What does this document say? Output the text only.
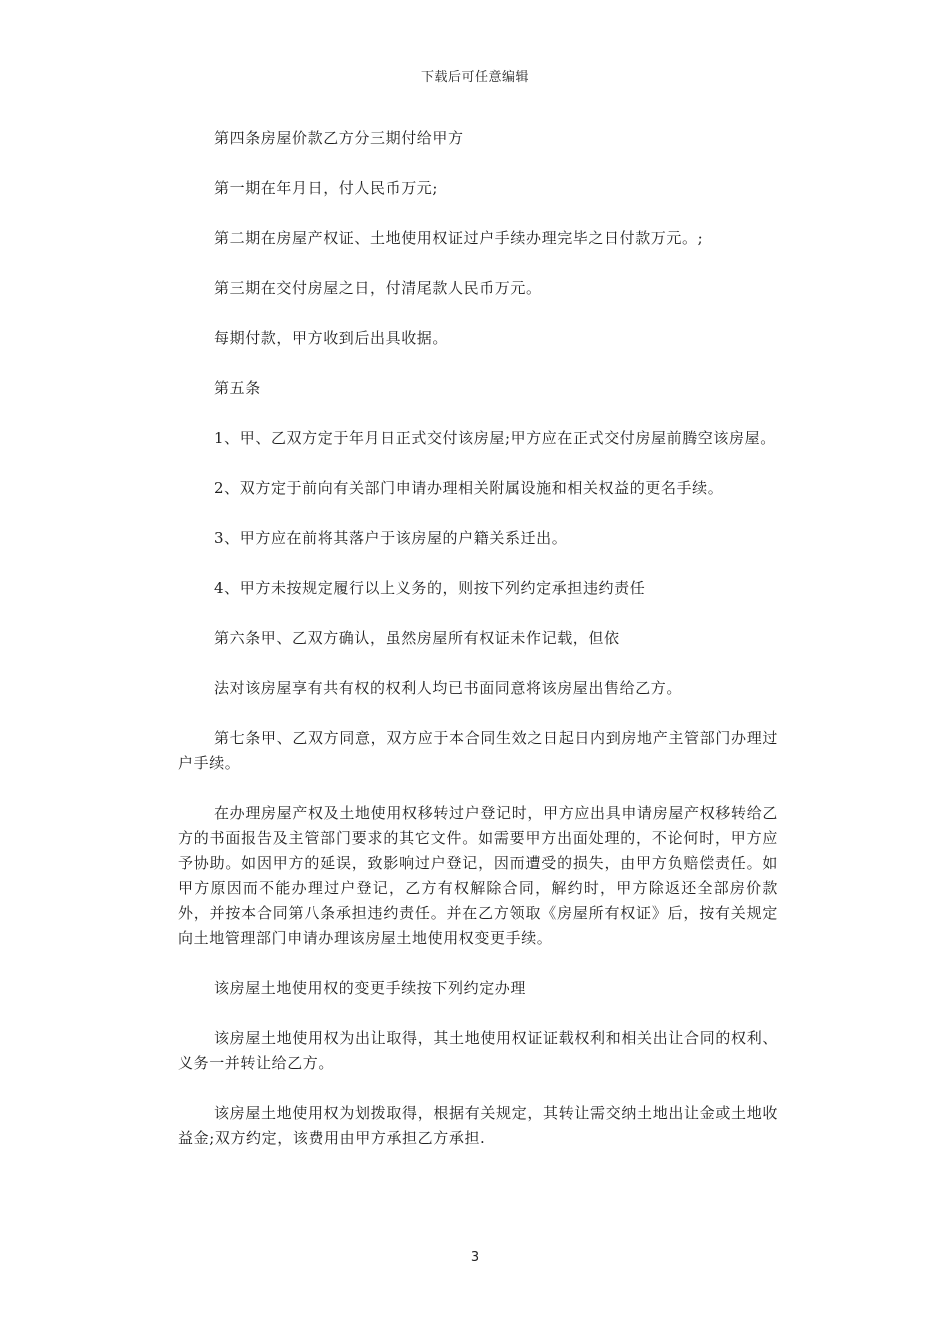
下载后可任意编辑

第四条房屋价款乙方分三期付给甲方

第一期在年月日，付人民币万元;

第二期在房屋产权证、土地使用权证过户手续办理完毕之日付款万元。;

第三期在交付房屋之日，付清尾款人民币万元。

每期付款，甲方收到后出具收据。

第五条

1、甲、乙双方定于年月日正式交付该房屋;甲方应在正式交付房屋前腾空该房屋。

2、双方定于前向有关部门申请办理相关附属设施和相关权益的更名手续。

3、甲方应在前将其落户于该房屋的户籍关系迁出。

4、甲方未按规定履行以上义务的，则按下列约定承担违约责任

第六条甲、乙双方确认，虽然房屋所有权证未作记载，但依

法对该房屋享有共有权的权利人均已书面同意将该房屋出售给乙方。

第七条甲、乙双方同意，双方应于本合同生效之日起日内到房地产主管部门办理过户手续。

在办理房屋产权及土地使用权移转过户登记时，甲方应出具申请房屋产权移转给乙方的书面报告及主管部门要求的其它文件。如需要甲方出面处理的，不论何时，甲方应予协助。如因甲方的延误，致影响过户登记，因而遭受的损失，由甲方负赔偿责任。如甲方原因而不能办理过户登记，乙方有权解除合同，解约时，甲方除返还全部房价款外，并按本合同第八条承担违约责任。并在乙方领取《房屋所有权证》后，按有关规定向土地管理部门申请办理该房屋土地使用权变更手续。

该房屋土地使用权的变更手续按下列约定办理

该房屋土地使用权为出让取得，其土地使用权证证载权利和相关出让合同的权利、义务一并转让给乙方。

该房屋土地使用权为划拨取得，根据有关规定，其转让需交纳土地出让金或土地收益金;双方约定，该费用由甲方承担乙方承担.

3
